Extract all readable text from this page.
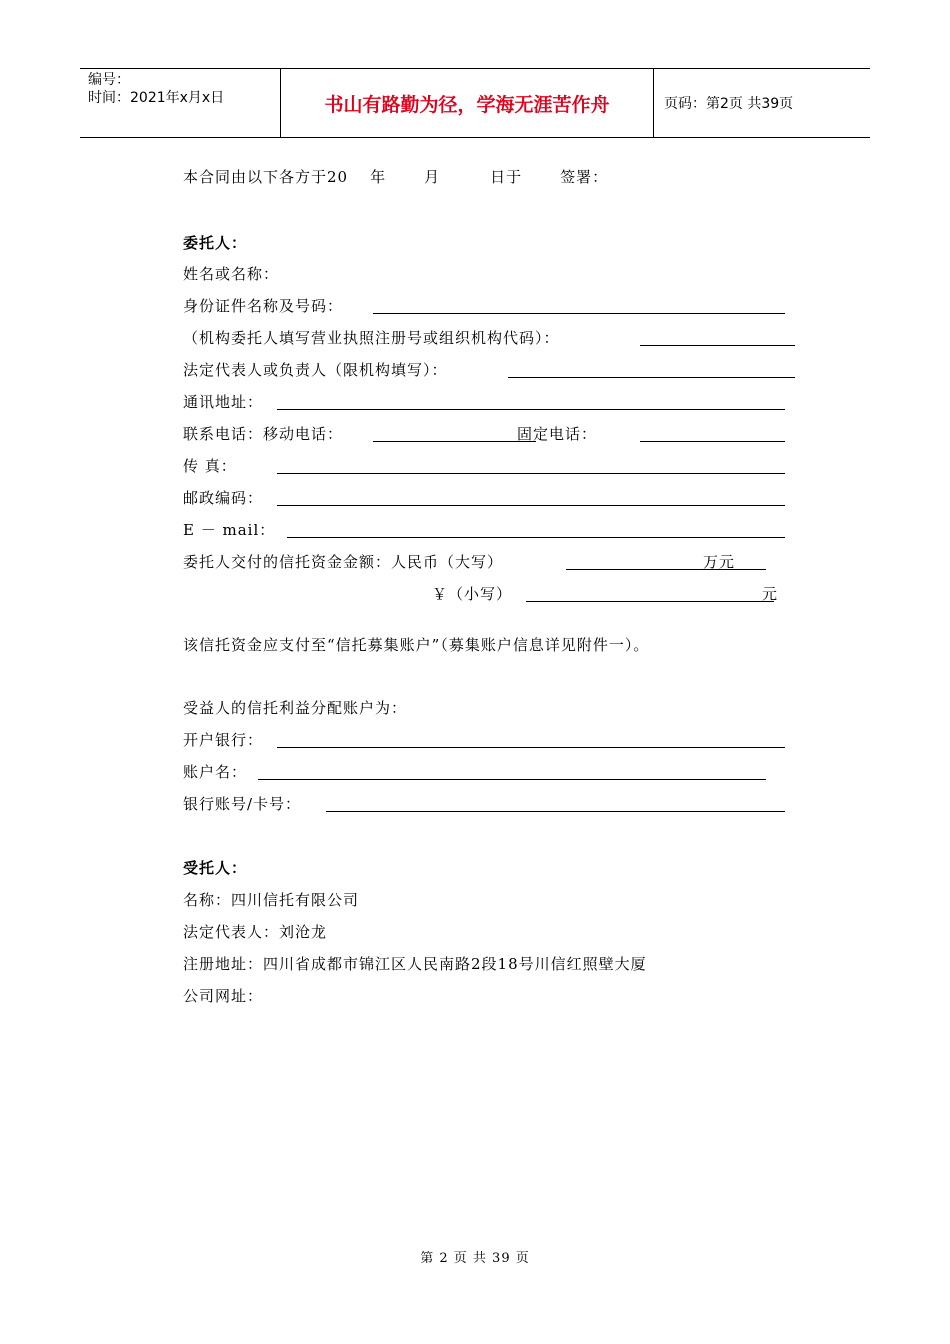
编号：
时间：2021年x月x日	书山有路勤为径，学海无涯苦作舟	页码：第2页 共39页
本合同由以下各方于20 年	月	日于	签署：
委托人：
姓名或名称：
身份证件名称及号码：
（机构委托人填写营业执照注册号或组织机构代码）：
法定代表人或负责人（限机构填写）：
通讯地址：
联系电话：移动电话：	固定电话：
传 真：
邮政编码：
E － mail：
委托人交付的信托资金金额：人民币（大写）	万元
￥（小写）	元
该信托资金应支付至“信托募集账户”（募集账户信息详见附件一）。
受益人的信托利益分配账户为：
开户银行：
账户名：
银行账号/卡号：
受托人：
名称：四川信托有限公司
法定代表人：刘沧龙
注册地址：四川省成都市锦江区人民南路2段18号川信红照壁大厦
公司网址：
第 2 页 共 39 页
